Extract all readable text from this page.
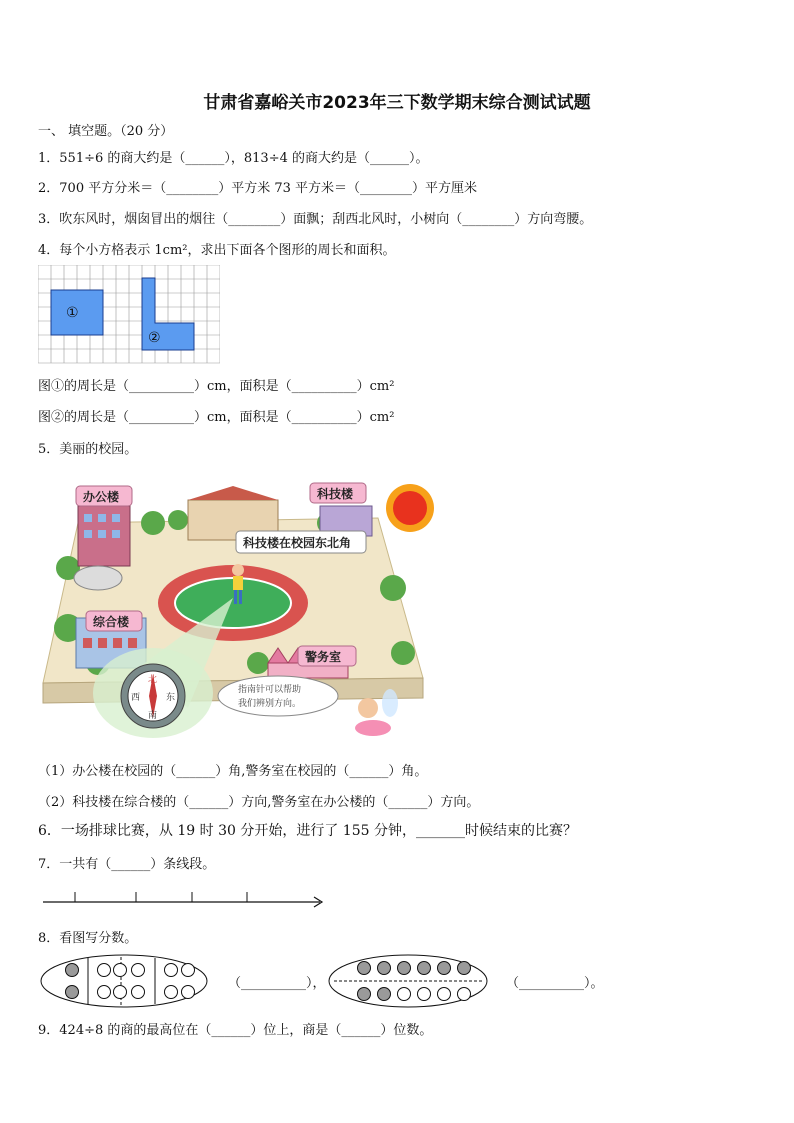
甘肃省嘉峪关市2023年三下数学期末综合测试试题
一、 填空题。（20 分）
1．551÷6 的商大约是（______），813÷4 的商大约是（______）。
2．700 平方分米＝（________）平方米 73 平方米＝（________）平方厘米
3．吹东风时，烟囱冒出的烟往（________）面飘；刮西北风时，小树向（________）方向弯腰。
4．每个小方格表示 1cm²，求出下面各个图形的周长和面积。
①
②
图①的周长是（__________）cm，面积是（__________）cm²
图②的周长是（__________）cm，面积是（__________）cm²
5．美丽的校园。
北
南
东
西
办公楼	科技楼
科技楼在校园东北角
综合楼
警务室
指南针可以帮助
我们辨别方向。
（1）办公楼在校园的（______）角,警务室在校园的（______）角。
（2）科技楼在综合楼的（______）方向,警务室在办公楼的（______）方向。
6．一场排球比赛，从 19 时 30 分开始，进行了 155 分钟，_______时候结束的比赛？
7．一共有（______）条线段。
8．看图写分数。
（__________），	（__________）。
9．424÷8 的商的最高位在（______）位上，商是（______）位数。
